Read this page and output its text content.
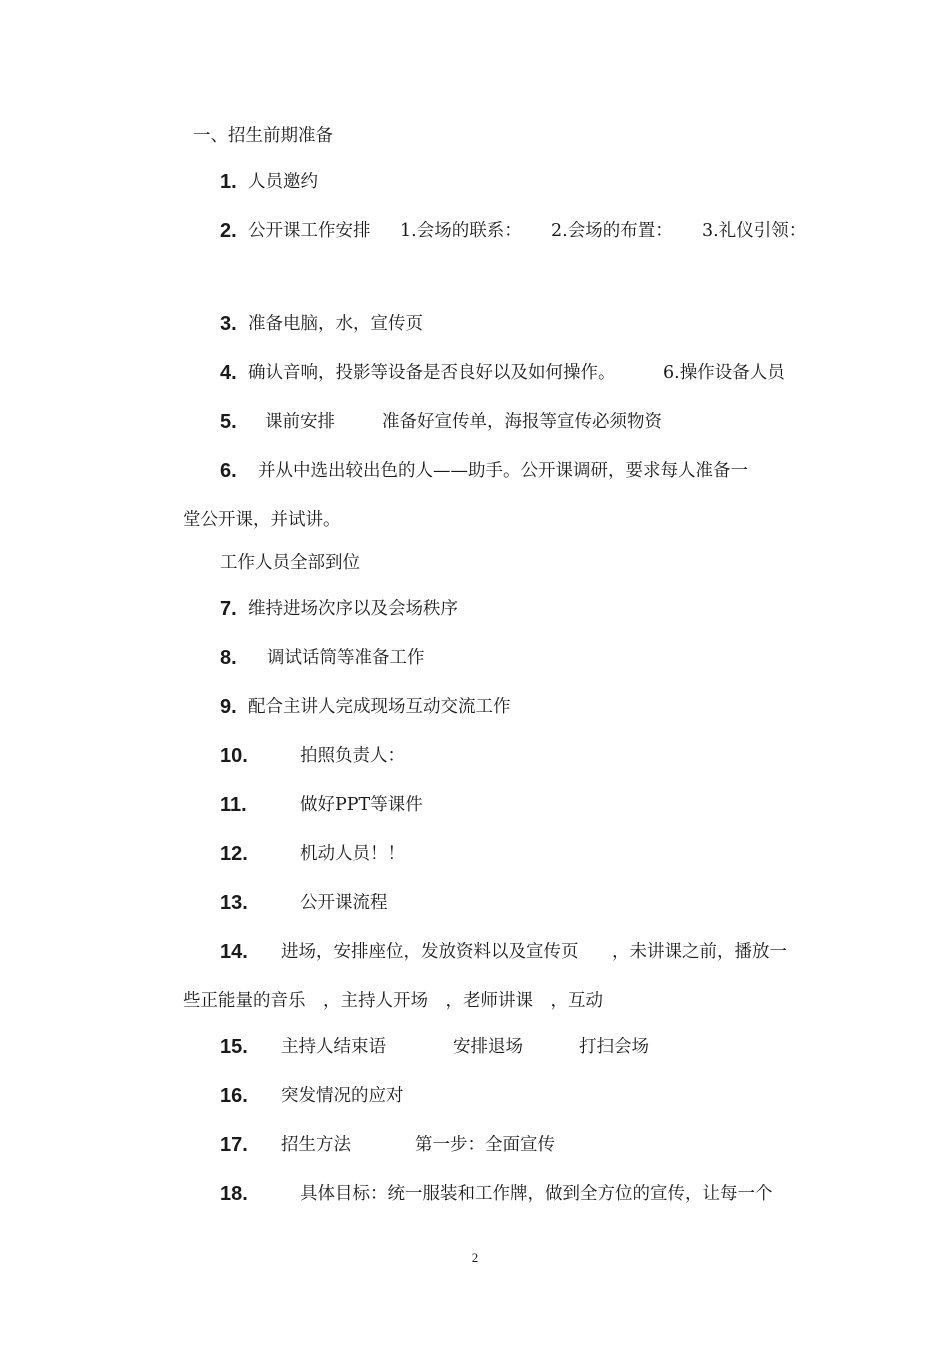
一、招生前期准备
1. 人员邀约
2. 公开课工作安排 1.会场的联系： 2.会场的布置： 3.礼仪引领：
3. 准备电脑，水，宣传页
4. 确认音响，投影等设备是否良好以及如何操作。	6.操作设备人员
5. 课前安排	准备好宣传单，海报等宣传必须物资
6. 并从中选出较出色的人——助手。公开课调研，要求每人准备一
堂公开课，并试讲。
工作人员全部到位
7. 维持进场次序以及会场秩序
8. 调试话筒等准备工作
9. 配合主讲人完成现场互动交流工作
10.	拍照负责人：
11.	做好PPT等课件
12.	机动人员！！
13.	公开课流程
14. 进场，安排座位，发放资料以及宣传页 ，未讲课之前，播放一
些正能量的音乐　，主持人开场　，老师讲课　，互动
15. 主持人结束语	安排退场	打扫会场
16. 突发情况的应对
17. 招生方法	第一步：全面宣传
18.	具体目标：统一服装和工作牌，做到全方位的宣传，让每一个
2
